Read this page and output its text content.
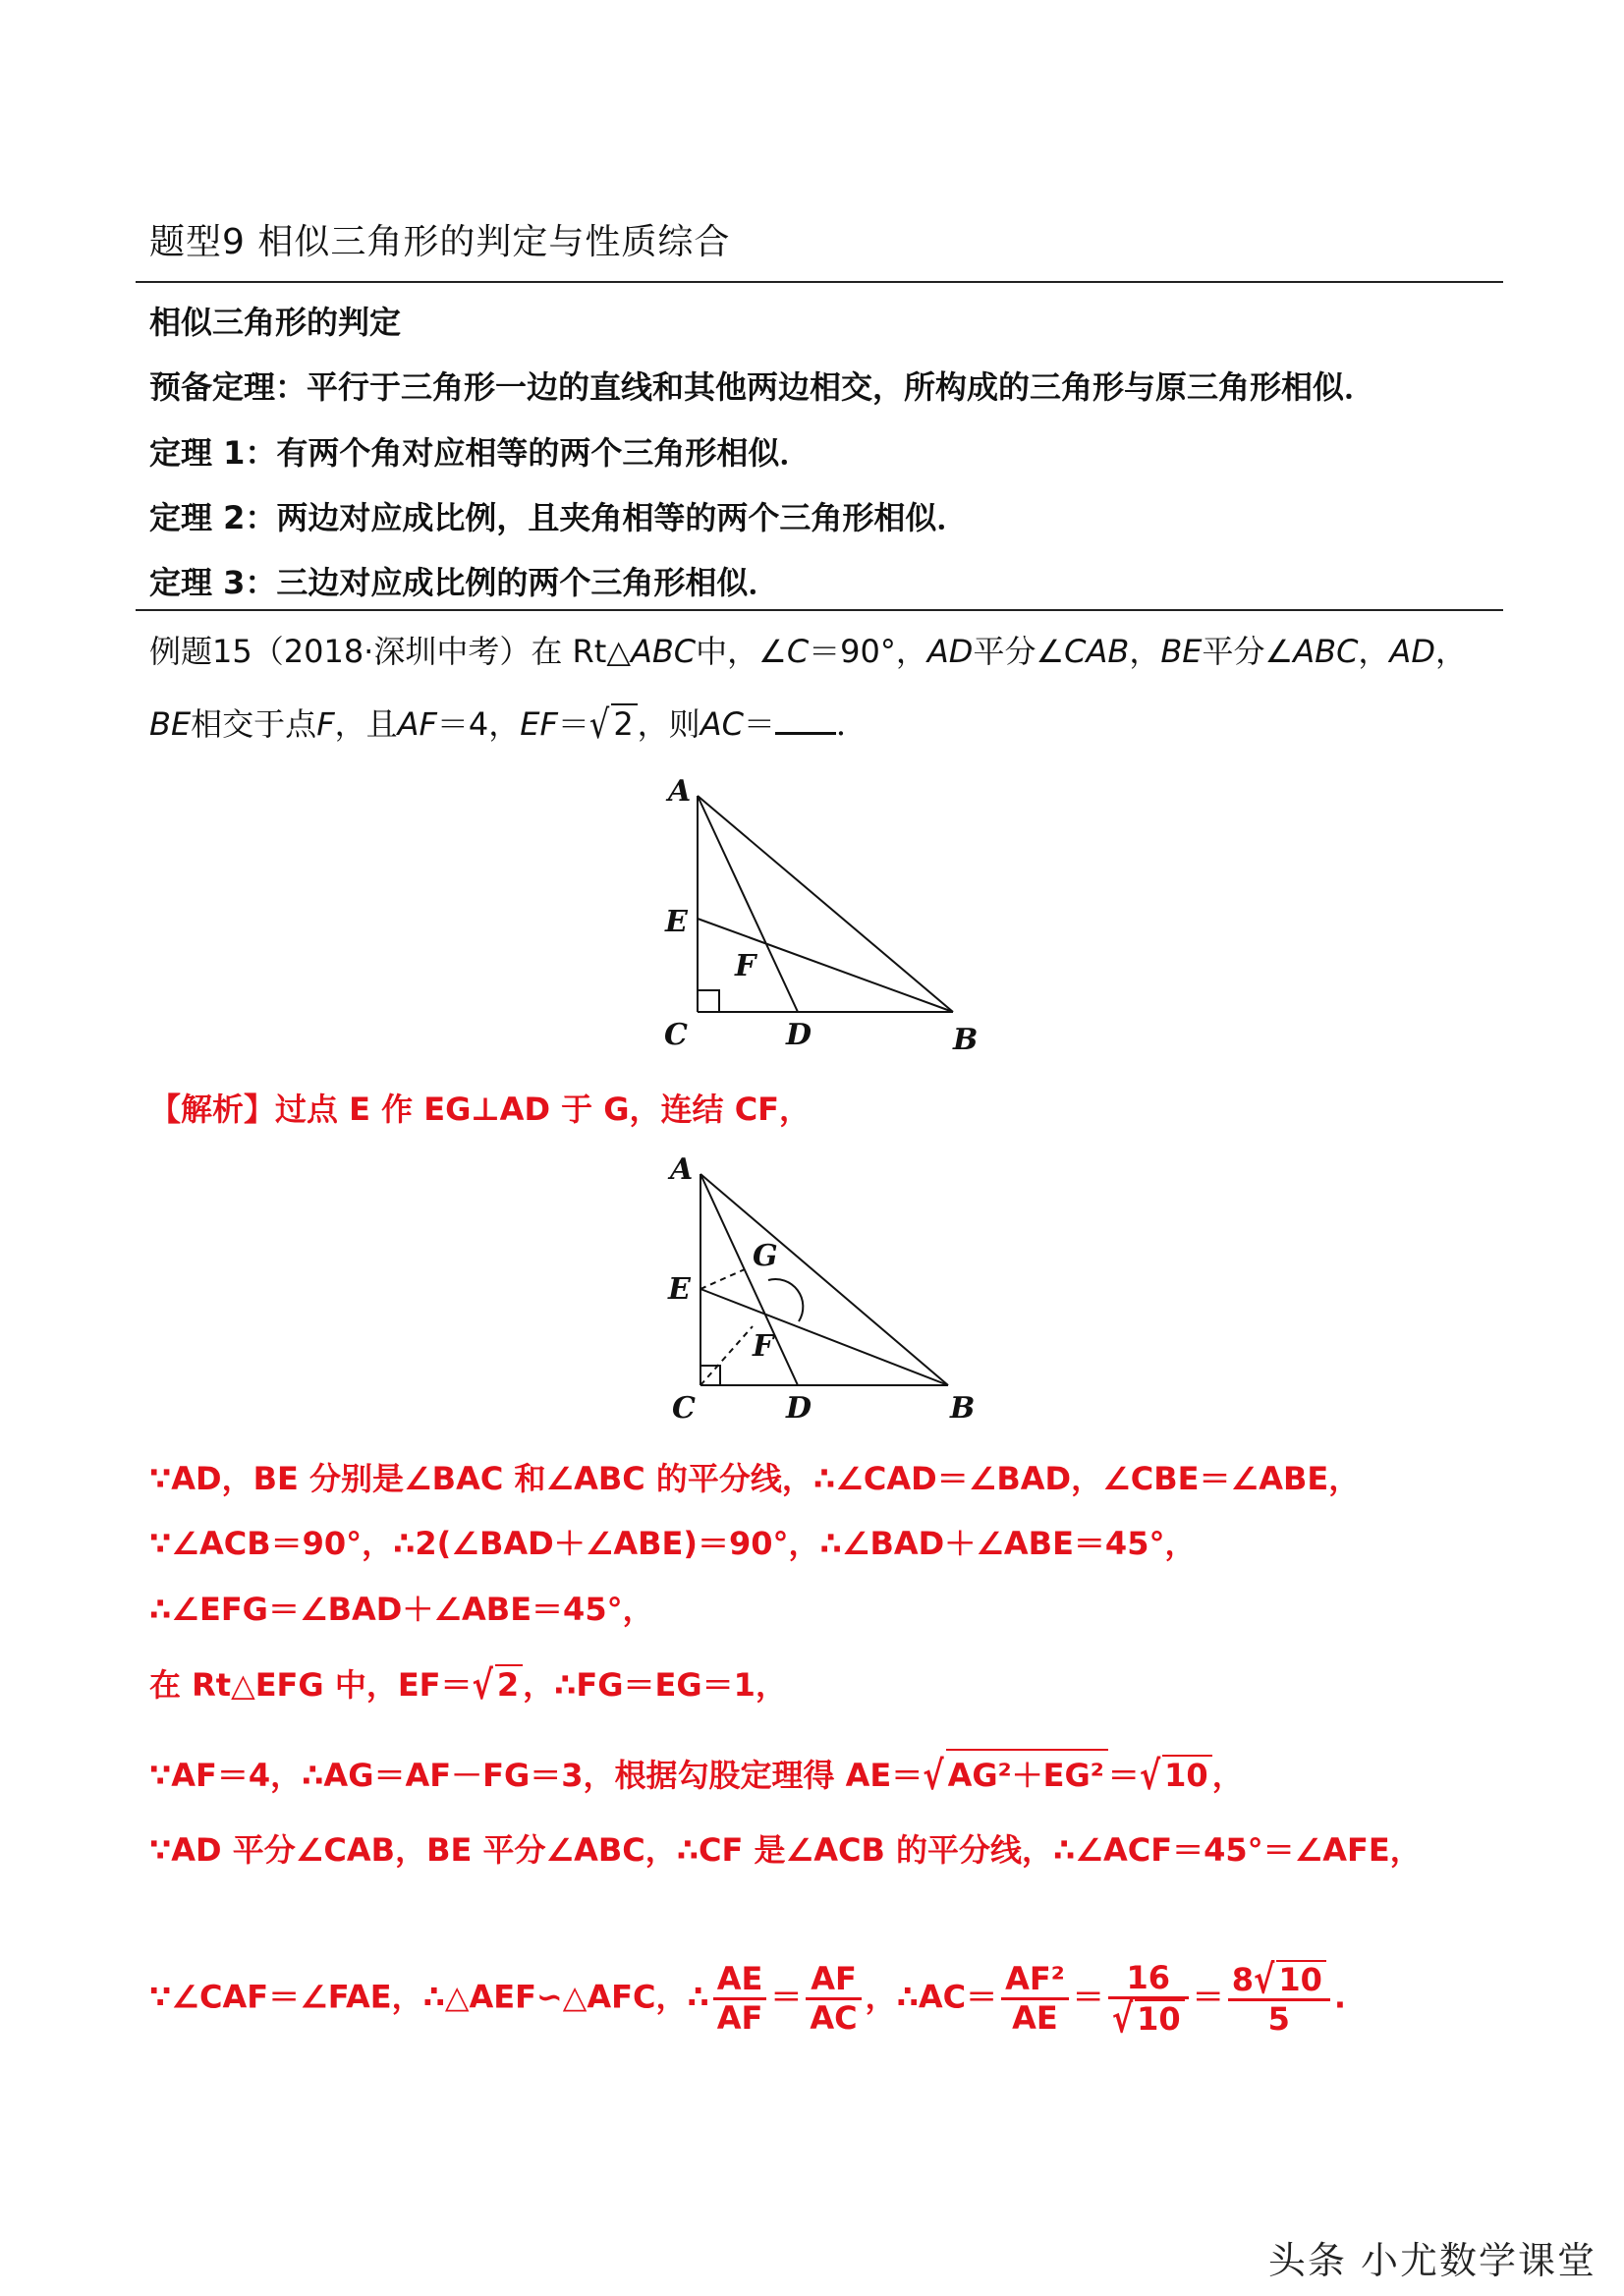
题型9 相似三角形的判定与性质综合
相似三角形的判定
预备定理：平行于三角形一边的直线和其他两边相交，所构成的三角形与原三角形相似．
定理 1：有两个角对应相等的两个三角形相似．
定理 2：两边对应成比例，且夹角相等的两个三角形相似．
定理 3：三边对应成比例的两个三角形相似．
例题15（2018·深圳中考）在 Rt△ABC中，∠C＝90°，AD平分∠CAB，BE平分∠ABC，AD，
BE相交于点F，且AF＝4，EF＝√ 2 ，则AC＝ ．
A
E
F
C	D	B
【解析】过点 E 作 EG⊥AD 于 G，连结 CF，
A
G
E
F
C	D	B
∵AD，BE 分别是∠BAC 和∠ABC 的平分线，∴∠CAD＝∠BAD，∠CBE＝∠ABE，
∵∠ACB＝90°，∴2(∠BAD＋∠ABE)＝90°，∴∠BAD＋∠ABE＝45°，
∴∠EFG＝∠BAD＋∠ABE＝45°，
在 Rt△EFG 中，EF＝√ 2 ，∴FG＝EG＝1，
∵AF＝4，∴AG＝AF－FG＝3，根据勾股定理得 AE＝√ AG²＋EG² ＝√ 10 ，
∵AD 平分∠CAB，BE 平分∠ABC，∴CF 是∠ACB 的平分线，∴∠ACF＝45°＝∠AFE，
∵∠CAF＝∠FAE，∴△AEF∽△AFC，∴ $\frac{AE}{AF} = \frac{AF}{AC}$ ，∴AC＝ $\frac{\text{AF²}}{AE} = \frac{16}{√ 10} = \frac{8√ 10}{5}$ .
头条 小尤数学课堂
